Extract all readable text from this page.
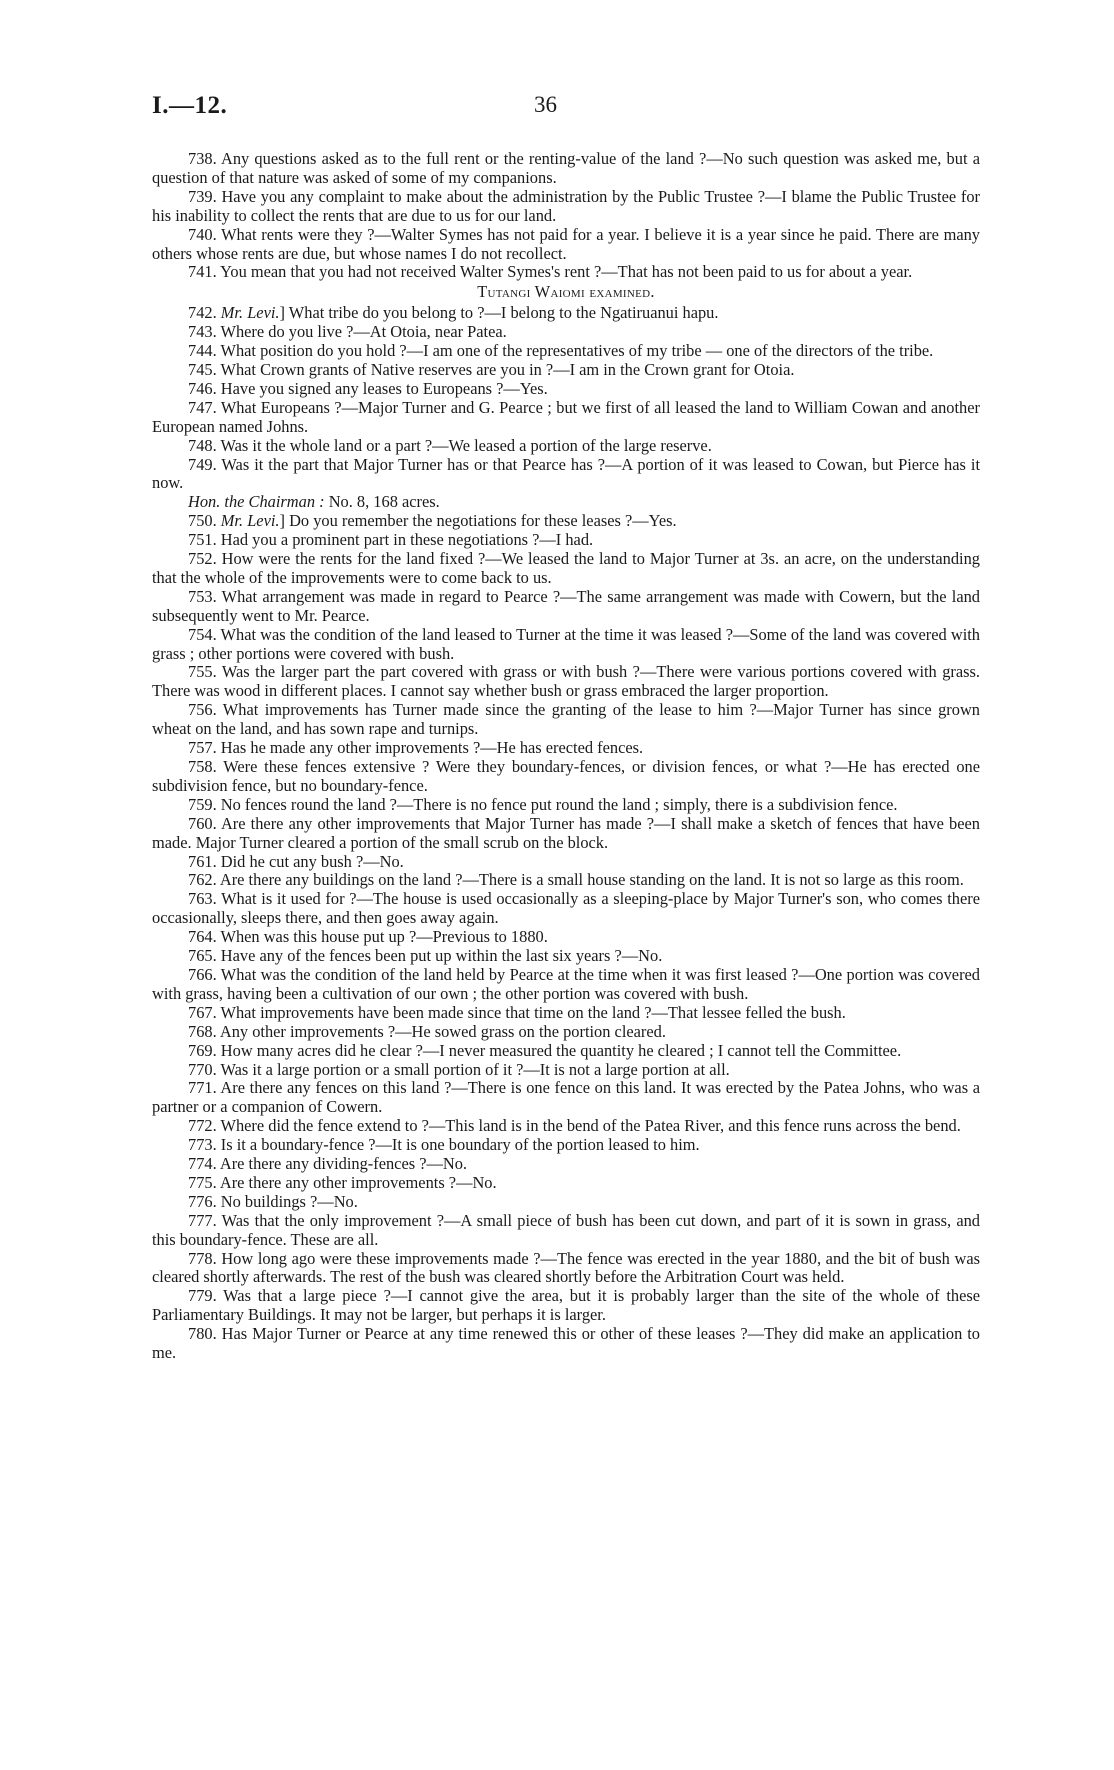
I.—12.	36

738. Any questions asked as to the full rent or the renting-value of the land ?—No such question was asked me, but a question of that nature was asked of some of my companions.

739. Have you any complaint to make about the administration by the Public Trustee ?—I blame the Public Trustee for his inability to collect the rents that are due to us for our land.

740. What rents were they ?—Walter Symes has not paid for a year. I believe it is a year since he paid. There are many others whose rents are due, but whose names I do not recollect.

741. You mean that you had not received Walter Symes's rent ?—That has not been paid to us for about a year.

Tutangi Waiomi examined.

742. Mr. Levi.] What tribe do you belong to ?—I belong to the Ngatiruanui hapu.

743. Where do you live ?—At Otoia, near Patea.

744. What position do you hold ?—I am one of the representatives of my tribe — one of the directors of the tribe.

745. What Crown grants of Native reserves are you in ?—I am in the Crown grant for Otoia.

746. Have you signed any leases to Europeans ?—Yes.

747. What Europeans ?—Major Turner and G. Pearce ; but we first of all leased the land to William Cowan and another European named Johns.

748. Was it the whole land or a part ?—We leased a portion of the large reserve.

749. Was it the part that Major Turner has or that Pearce has ?—A portion of it was leased to Cowan, but Pierce has it now.

Hon. the Chairman : No. 8, 168 acres.

750. Mr. Levi.] Do you remember the negotiations for these leases ?—Yes.

751. Had you a prominent part in these negotiations ?—I had.

752. How were the rents for the land fixed ?—We leased the land to Major Turner at 3s. an acre, on the understanding that the whole of the improvements were to come back to us.

753. What arrangement was made in regard to Pearce ?—The same arrangement was made with Cowern, but the land subsequently went to Mr. Pearce.

754. What was the condition of the land leased to Turner at the time it was leased ?—Some of the land was covered with grass ; other portions were covered with bush.

755. Was the larger part the part covered with grass or with bush ?—There were various portions covered with grass. There was wood in different places. I cannot say whether bush or grass embraced the larger proportion.

756. What improvements has Turner made since the granting of the lease to him ?—Major Turner has since grown wheat on the land, and has sown rape and turnips.

757. Has he made any other improvements ?—He has erected fences.

758. Were these fences extensive ? Were they boundary-fences, or division fences, or what ?—He has erected one subdivision fence, but no boundary-fence.

759. No fences round the land ?—There is no fence put round the land ; simply, there is a subdivision fence.

760. Are there any other improvements that Major Turner has made ?—I shall make a sketch of fences that have been made. Major Turner cleared a portion of the small scrub on the block.

761. Did he cut any bush ?—No.

762. Are there any buildings on the land ?—There is a small house standing on the land. It is not so large as this room.

763. What is it used for ?—The house is used occasionally as a sleeping-place by Major Turner's son, who comes there occasionally, sleeps there, and then goes away again.

764. When was this house put up ?—Previous to 1880.

765. Have any of the fences been put up within the last six years ?—No.

766. What was the condition of the land held by Pearce at the time when it was first leased ?—One portion was covered with grass, having been a cultivation of our own ; the other portion was covered with bush.

767. What improvements have been made since that time on the land ?—That lessee felled the bush.

768. Any other improvements ?—He sowed grass on the portion cleared.

769. How many acres did he clear ?—I never measured the quantity he cleared ; I cannot tell the Committee.

770. Was it a large portion or a small portion of it ?—It is not a large portion at all.

771. Are there any fences on this land ?—There is one fence on this land. It was erected by the Patea Johns, who was a partner or a companion of Cowern.

772. Where did the fence extend to ?—This land is in the bend of the Patea River, and this fence runs across the bend.

773. Is it a boundary-fence ?—It is one boundary of the portion leased to him.

774. Are there any dividing-fences ?—No.

775. Are there any other improvements ?—No.

776. No buildings ?—No.

777. Was that the only improvement ?—A small piece of bush has been cut down, and part of it is sown in grass, and this boundary-fence. These are all.

778. How long ago were these improvements made ?—The fence was erected in the year 1880, and the bit of bush was cleared shortly afterwards. The rest of the bush was cleared shortly before the Arbitration Court was held.

779. Was that a large piece ?—I cannot give the area, but it is probably larger than the site of the whole of these Parliamentary Buildings. It may not be larger, but perhaps it is larger.

780. Has Major Turner or Pearce at any time renewed this or other of these leases ?—They did make an application to me.
